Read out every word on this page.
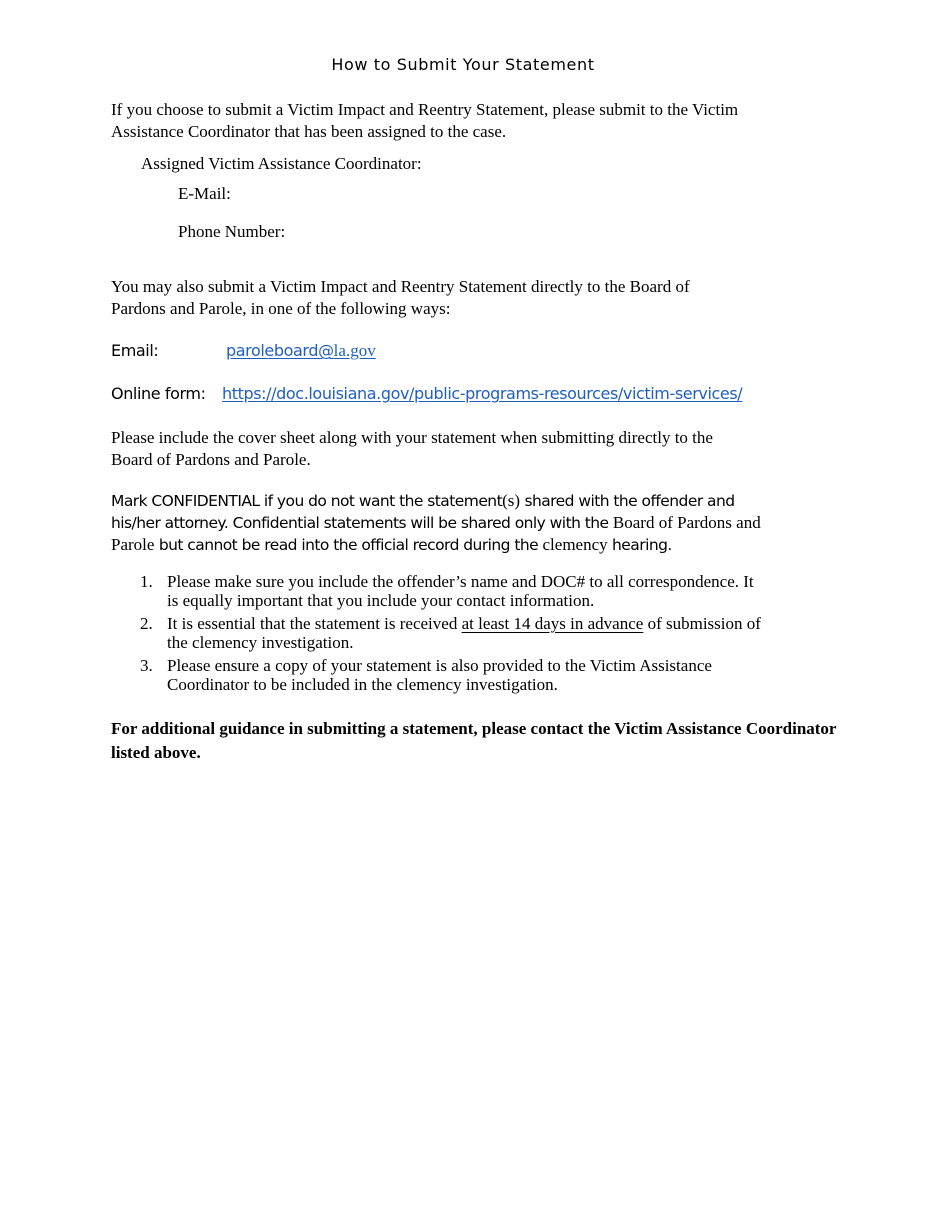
How to Submit Your Statement
If you choose to submit a Victim Impact and Reentry Statement, please submit to the Victim
Assistance Coordinator that has been assigned to the case.
Assigned Victim Assistance Coordinator:
E-Mail:
Phone Number:
You may also submit a Victim Impact and Reentry Statement directly to the Board of
Pardons and Parole, in one of the following ways:
Email:	paroleboard@la.gov
Online form: https://doc.louisiana.gov/public-programs-resources/victim-services/
Please include the cover sheet along with your statement when submitting directly to the
Board of Pardons and Parole.
Mark CONFIDENTIAL if you do not want the statement(s) shared with the offender and
his/her attorney. Confidential statements will be shared only with the Board of Pardons and
Parole but cannot be read into the official record during the clemency hearing.
1. Please make sure you include the offender’s name and DOC# to all correspondence. It
is equally important that you include your contact information.
2. It is essential that the statement is received at least 14 days in advance of submission of
the clemency investigation.
3. Please ensure a copy of your statement is also provided to the Victim Assistance
Coordinator to be included in the clemency investigation.
For additional guidance in submitting a statement, please contact the Victim Assistance Coordinator
listed above.
